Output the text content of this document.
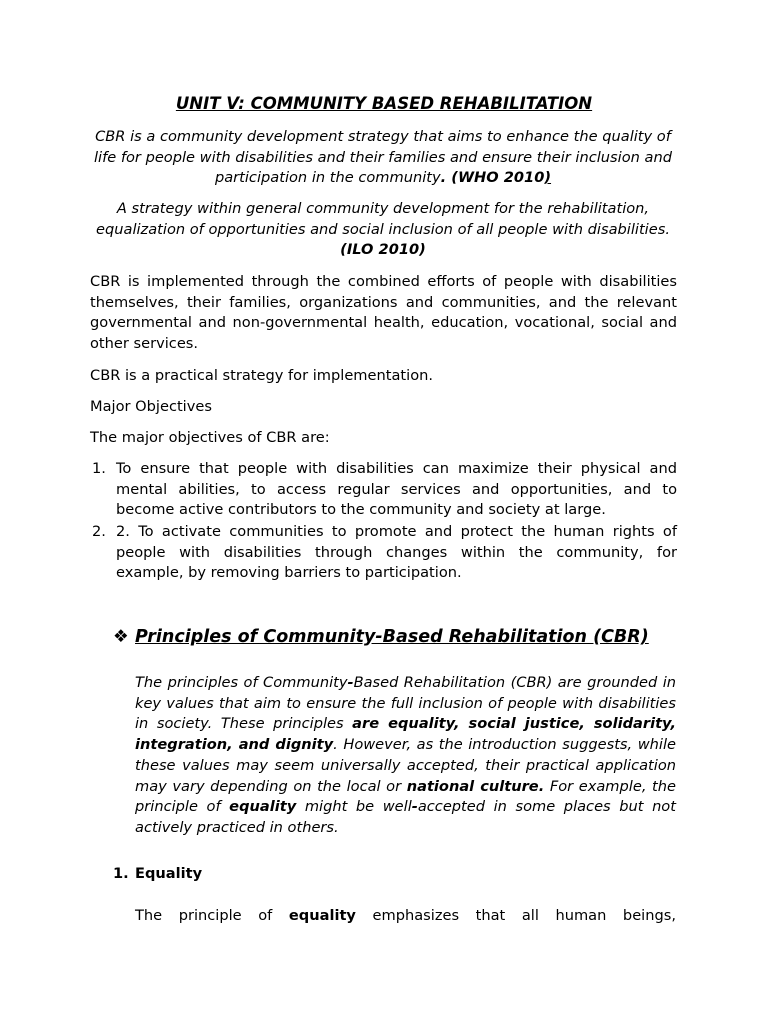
UNIT V: COMMUNITY BASED REHABILITATION
CBR is a community development strategy that aims to enhance the quality of life for people with disabilities and their families and ensure their inclusion and participation in the community. (WHO 2010)
A strategy within general community development for the rehabilitation, equalization of opportunities and social inclusion of all people with disabilities. (ILO 2010)

CBR is implemented through the combined efforts of people with disabilities themselves, their families, organizations and communities, and the relevant governmental and non-governmental health, education, vocational, social and other services.

CBR is a practical strategy for implementation.

Major Objectives

The major objectives of CBR are:

1. To ensure that people with disabilities can maximize their physical and mental abilities, to access regular services and opportunities, and to become active contributors to the community and society at large.
2. 2. To activate communities to promote and protect the human rights of people with disabilities through changes within the community, for example, by removing barriers to participation.
❖ Principles of Community-Based Rehabilitation (CBR)
The principles of Community-Based Rehabilitation (CBR) are grounded in key values that aim to ensure the full inclusion of people with disabilities in society. These principles are equality, social justice, solidarity, integration, and dignity. However, as the introduction suggests, while these values may seem universally accepted, their practical application may vary depending on the local or national culture. For example, the principle of equality might be well-accepted in some places but not actively practiced in others.
1. Equality
The principle of equality emphasizes that all human beings,
